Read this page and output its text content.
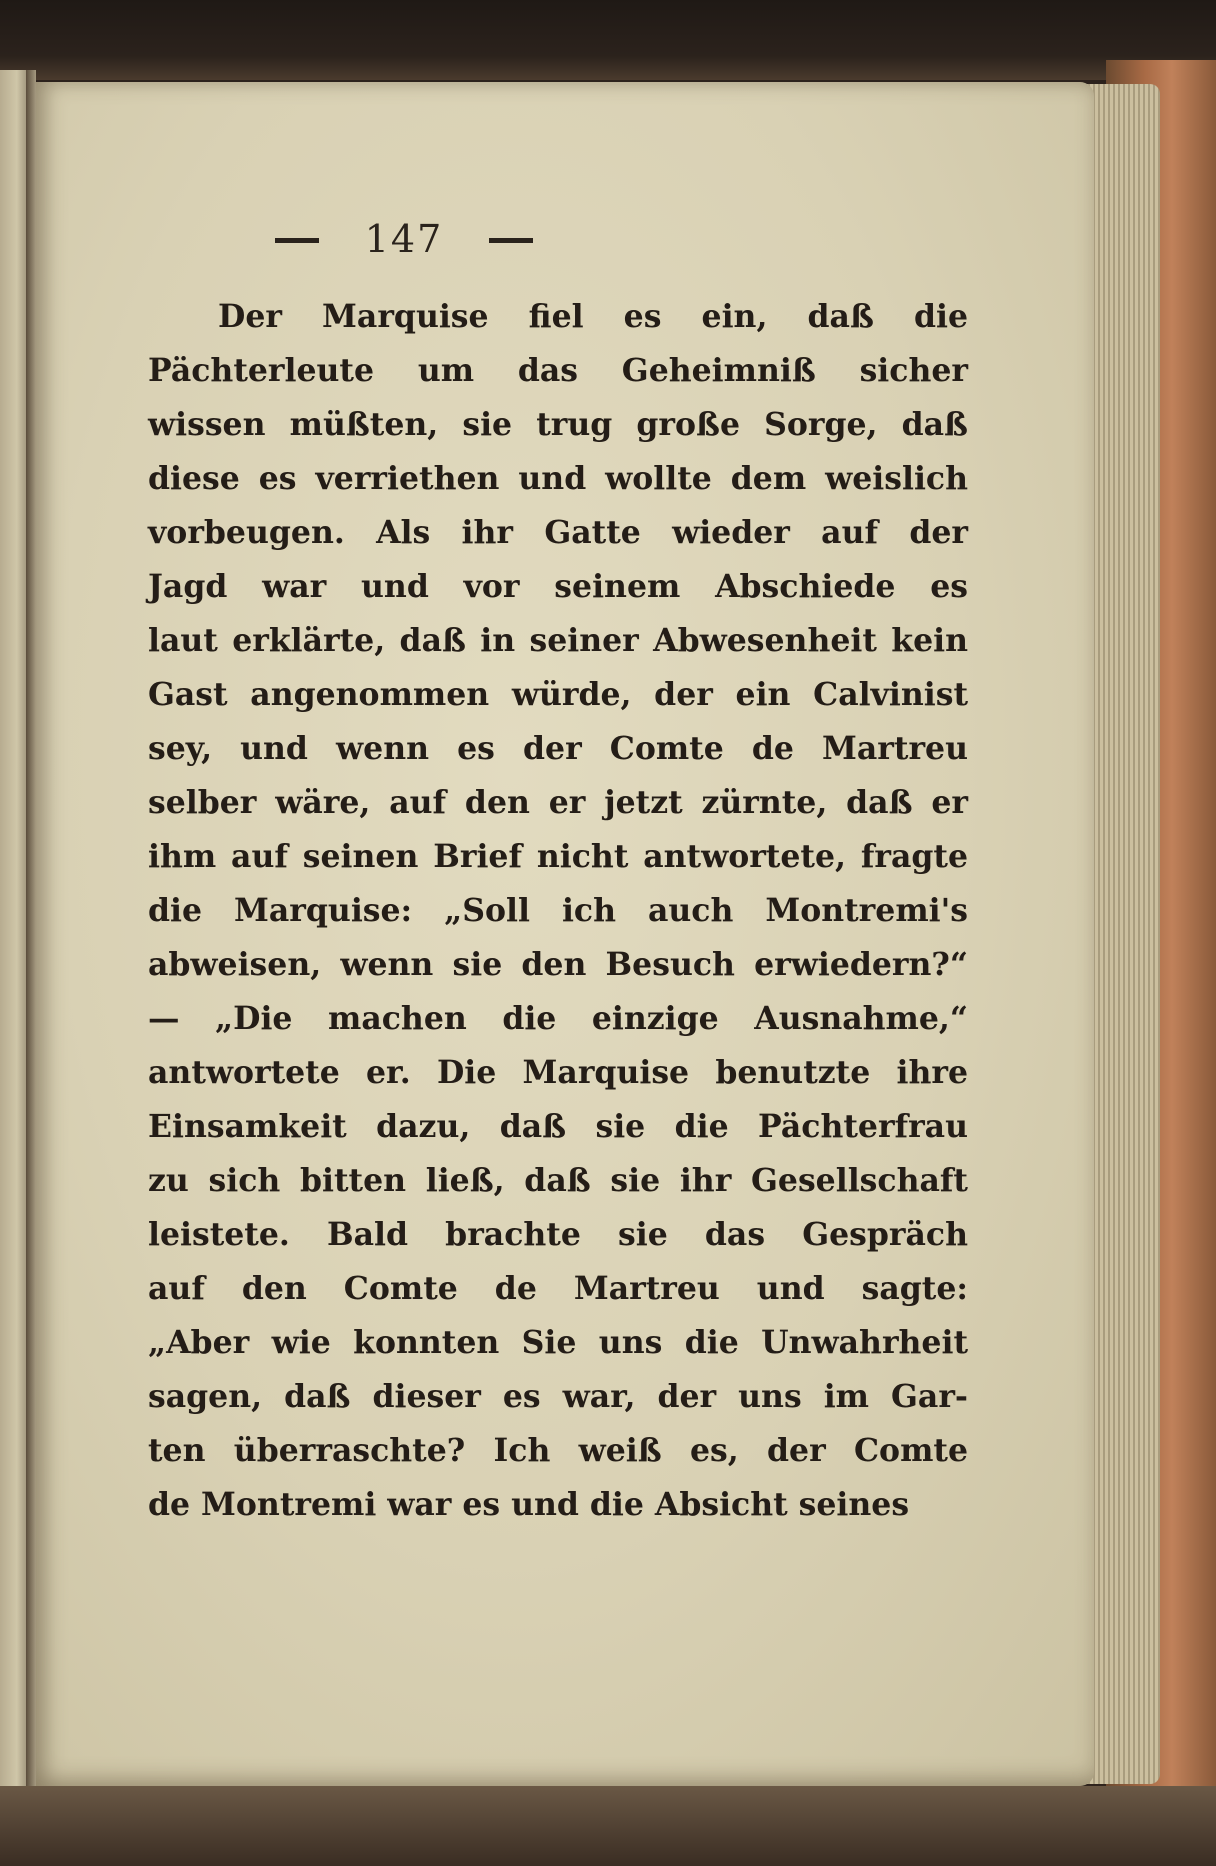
147
Der Marquise fiel es ein, daß die
Pächterleute um das Geheimniß sicher
wissen müßten, sie trug große Sorge, daß
diese es verriethen und wollte dem weislich
vorbeugen. Als ihr Gatte wieder auf der
Jagd war und vor seinem Abschiede es
laut erklärte, daß in seiner Abwesenheit kein
Gast angenommen würde, der ein Calvinist
sey, und wenn es der Comte de Martreu
selber wäre, auf den er jetzt zürnte, daß er
ihm auf seinen Brief nicht antwortete, fragte
die Marquise: „Soll ich auch Montremi's
abweisen, wenn sie den Besuch erwiedern?“
— „Die machen die einzige Ausnahme,“
antwortete er. Die Marquise benutzte ihre
Einsamkeit dazu, daß sie die Pächterfrau
zu sich bitten ließ, daß sie ihr Gesellschaft
leistete. Bald brachte sie das Gespräch
auf den Comte de Martreu und sagte:
„Aber wie konnten Sie uns die Unwahrheit
sagen, daß dieser es war, der uns im Gar-
ten überraschte? Ich weiß es, der Comte
de Montremi war es und die Absicht seines
